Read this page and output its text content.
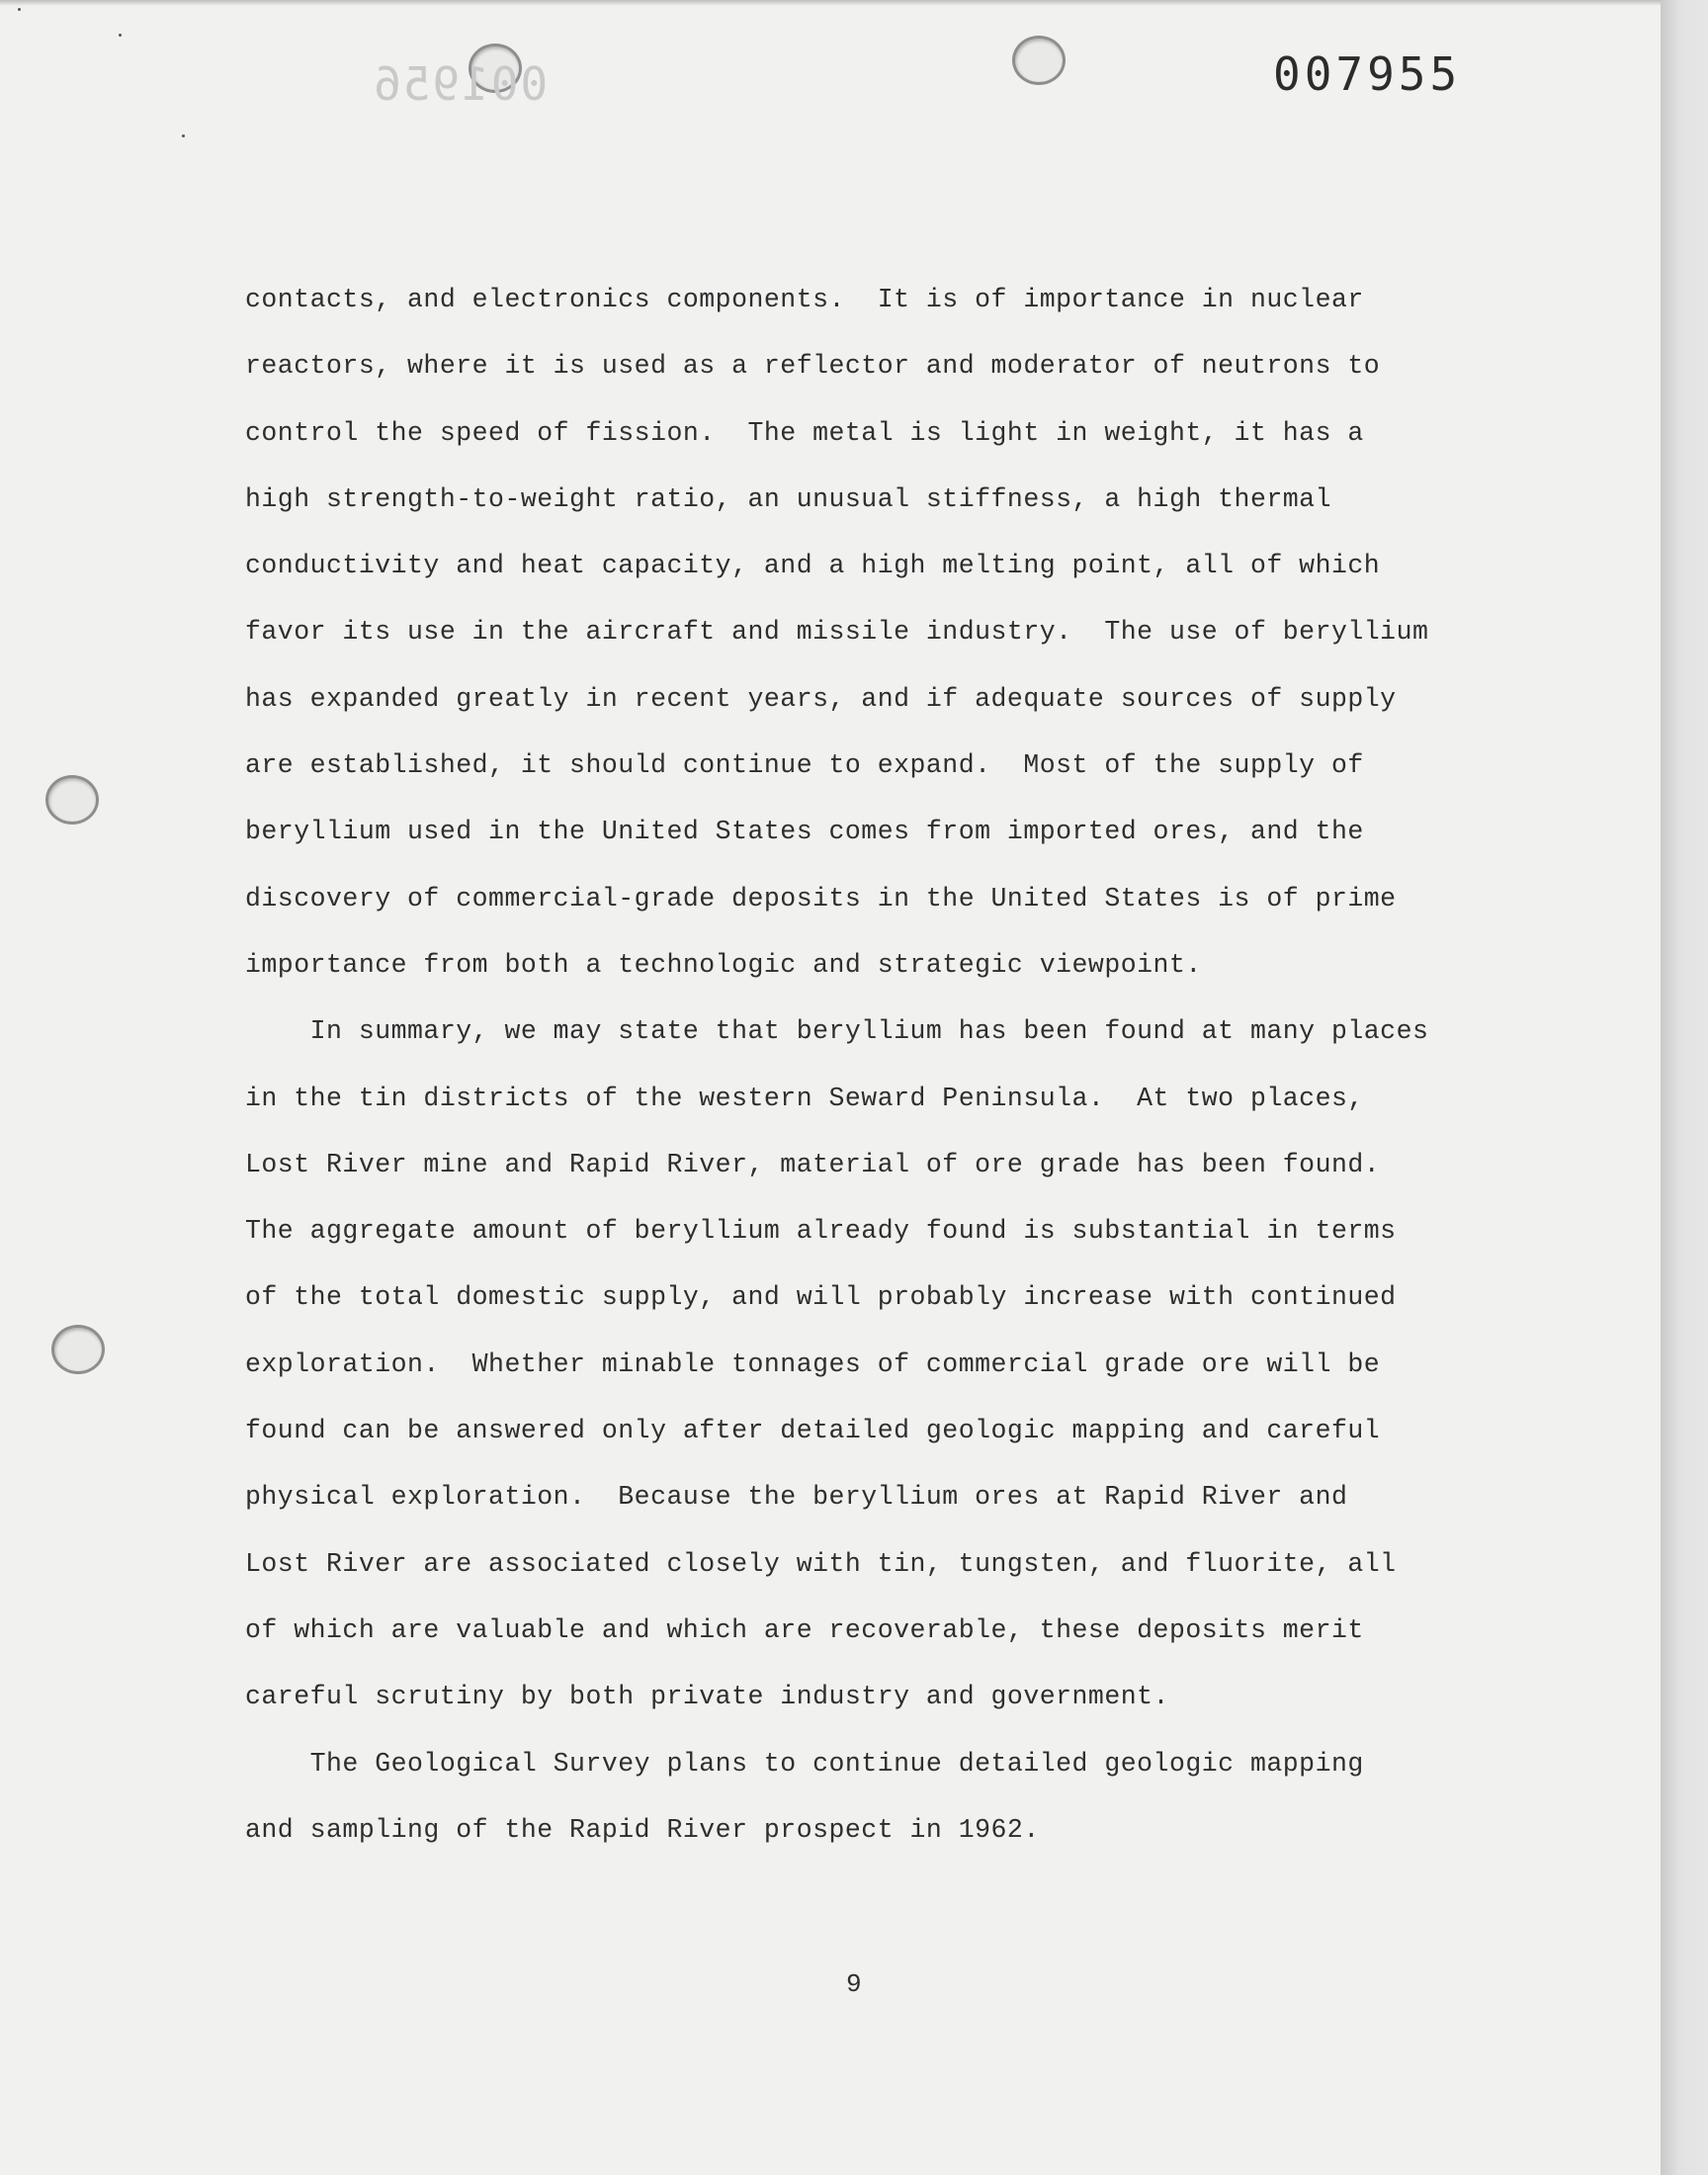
001956	007955
contacts, and electronics components.  It is of importance in nuclear
reactors, where it is used as a reflector and moderator of neutrons to
control the speed of fission.  The metal is light in weight, it has a
high strength-to-weight ratio, an unusual stiffness, a high thermal
conductivity and heat capacity, and a high melting point, all of which
favor its use in the aircraft and missile industry.  The use of beryllium
has expanded greatly in recent years, and if adequate sources of supply
are established, it should continue to expand.  Most of the supply of
beryllium used in the United States comes from imported ores, and the
discovery of commercial-grade deposits in the United States is of prime
importance from both a technologic and strategic viewpoint.
In summary, we may state that beryllium has been found at many places
in the tin districts of the western Seward Peninsula.  At two places,
Lost River mine and Rapid River, material of ore grade has been found.
The aggregate amount of beryllium already found is substantial in terms
of the total domestic supply, and will probably increase with continued
exploration.  Whether minable tonnages of commercial grade ore will be
found can be answered only after detailed geologic mapping and careful
physical exploration.  Because the beryllium ores at Rapid River and
Lost River are associated closely with tin, tungsten, and fluorite, all
of which are valuable and which are recoverable, these deposits merit
careful scrutiny by both private industry and government.
The Geological Survey plans to continue detailed geologic mapping
and sampling of the Rapid River prospect in 1962.
9
